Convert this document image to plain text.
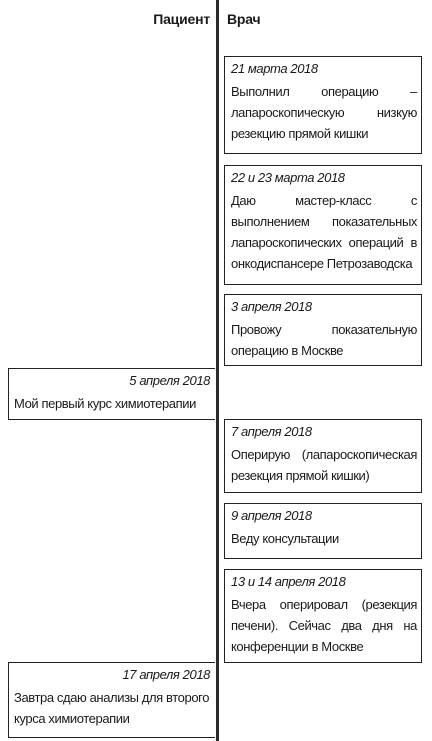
Пациент Врач
21 марта 2018
Выполнил операцию – лапароскопическую низкую резекцию прямой кишки
22 и 23 марта 2018
Даю мастер-класс с выполнением показательных лапароскопических операций в онкодиспансере Петрозаводска
3 апреля 2018
Провожу показательную операцию в Москве
7 апреля 2018
Оперирую (лапароскопическая резекция прямой кишки)
9 апреля 2018
Веду консультации
13 и 14 апреля 2018
Вчера оперировал (резекция печени). Сейчас два дня на конференции в Москве
5 апреля 2018
Мой первый курс химиотерапии
17 апреля 2018
Завтра сдаю анализы для второго курса химиотерапии
